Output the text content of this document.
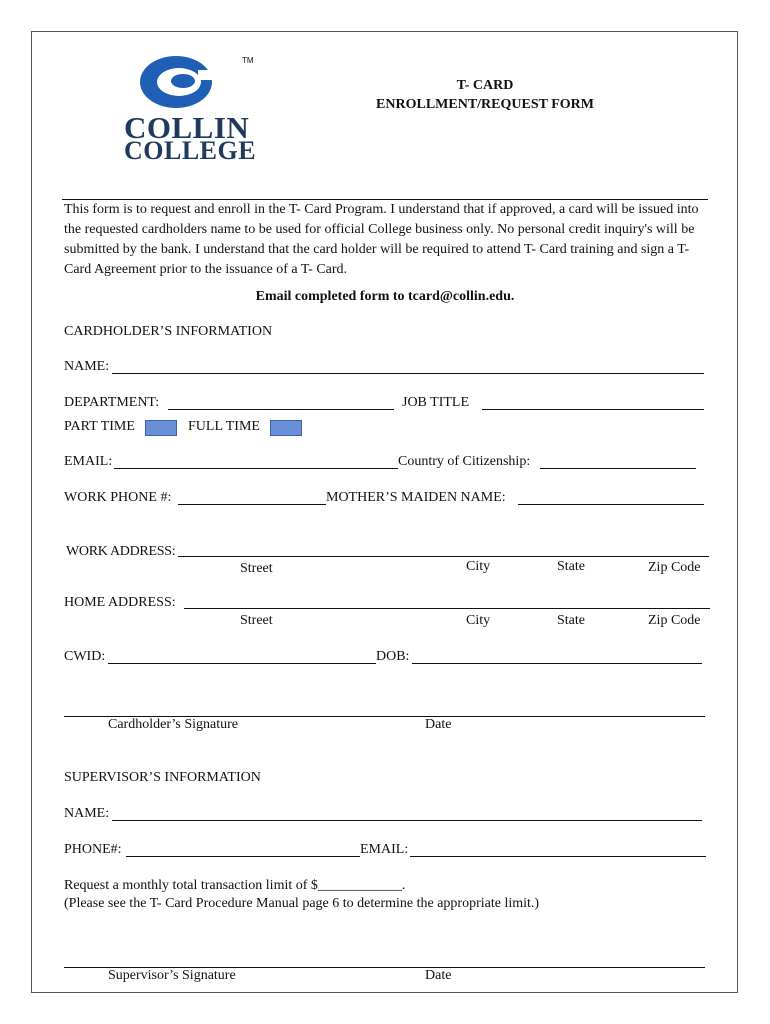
TM
COLLIN
COLLEGE
T- CARD
ENROLLMENT/REQUEST FORM
This form is to request and enroll in the T- Card Program. I understand that if approved, a card will be issued into the requested cardholders name to be used for official College business only. No personal credit inquiry's will be submitted by the bank. I understand that the card holder will be required to attend T- Card training and sign a T- Card Agreement prior to the issuance of a T- Card.
Email completed form to tcard@collin.edu.
CARDHOLDER’S INFORMATION
NAME:
DEPARTMENT:	JOB TITLE
PART TIME	FULL TIME
EMAIL:	Country of Citizenship:
WORK PHONE #:	MOTHER’S MAIDEN NAME:
WORK ADDRESS:
Street	City	State	Zip Code
HOME ADDRESS:
Street	City	State	Zip Code
CWID:	DOB:
Cardholder’s Signature	Date
SUPERVISOR’S INFORMATION
NAME:
PHONE#:	EMAIL:
Request a monthly total transaction limit of $____________.
(Please see the T- Card Procedure Manual page 6 to determine the appropriate limit.)
Supervisor’s Signature	Date
